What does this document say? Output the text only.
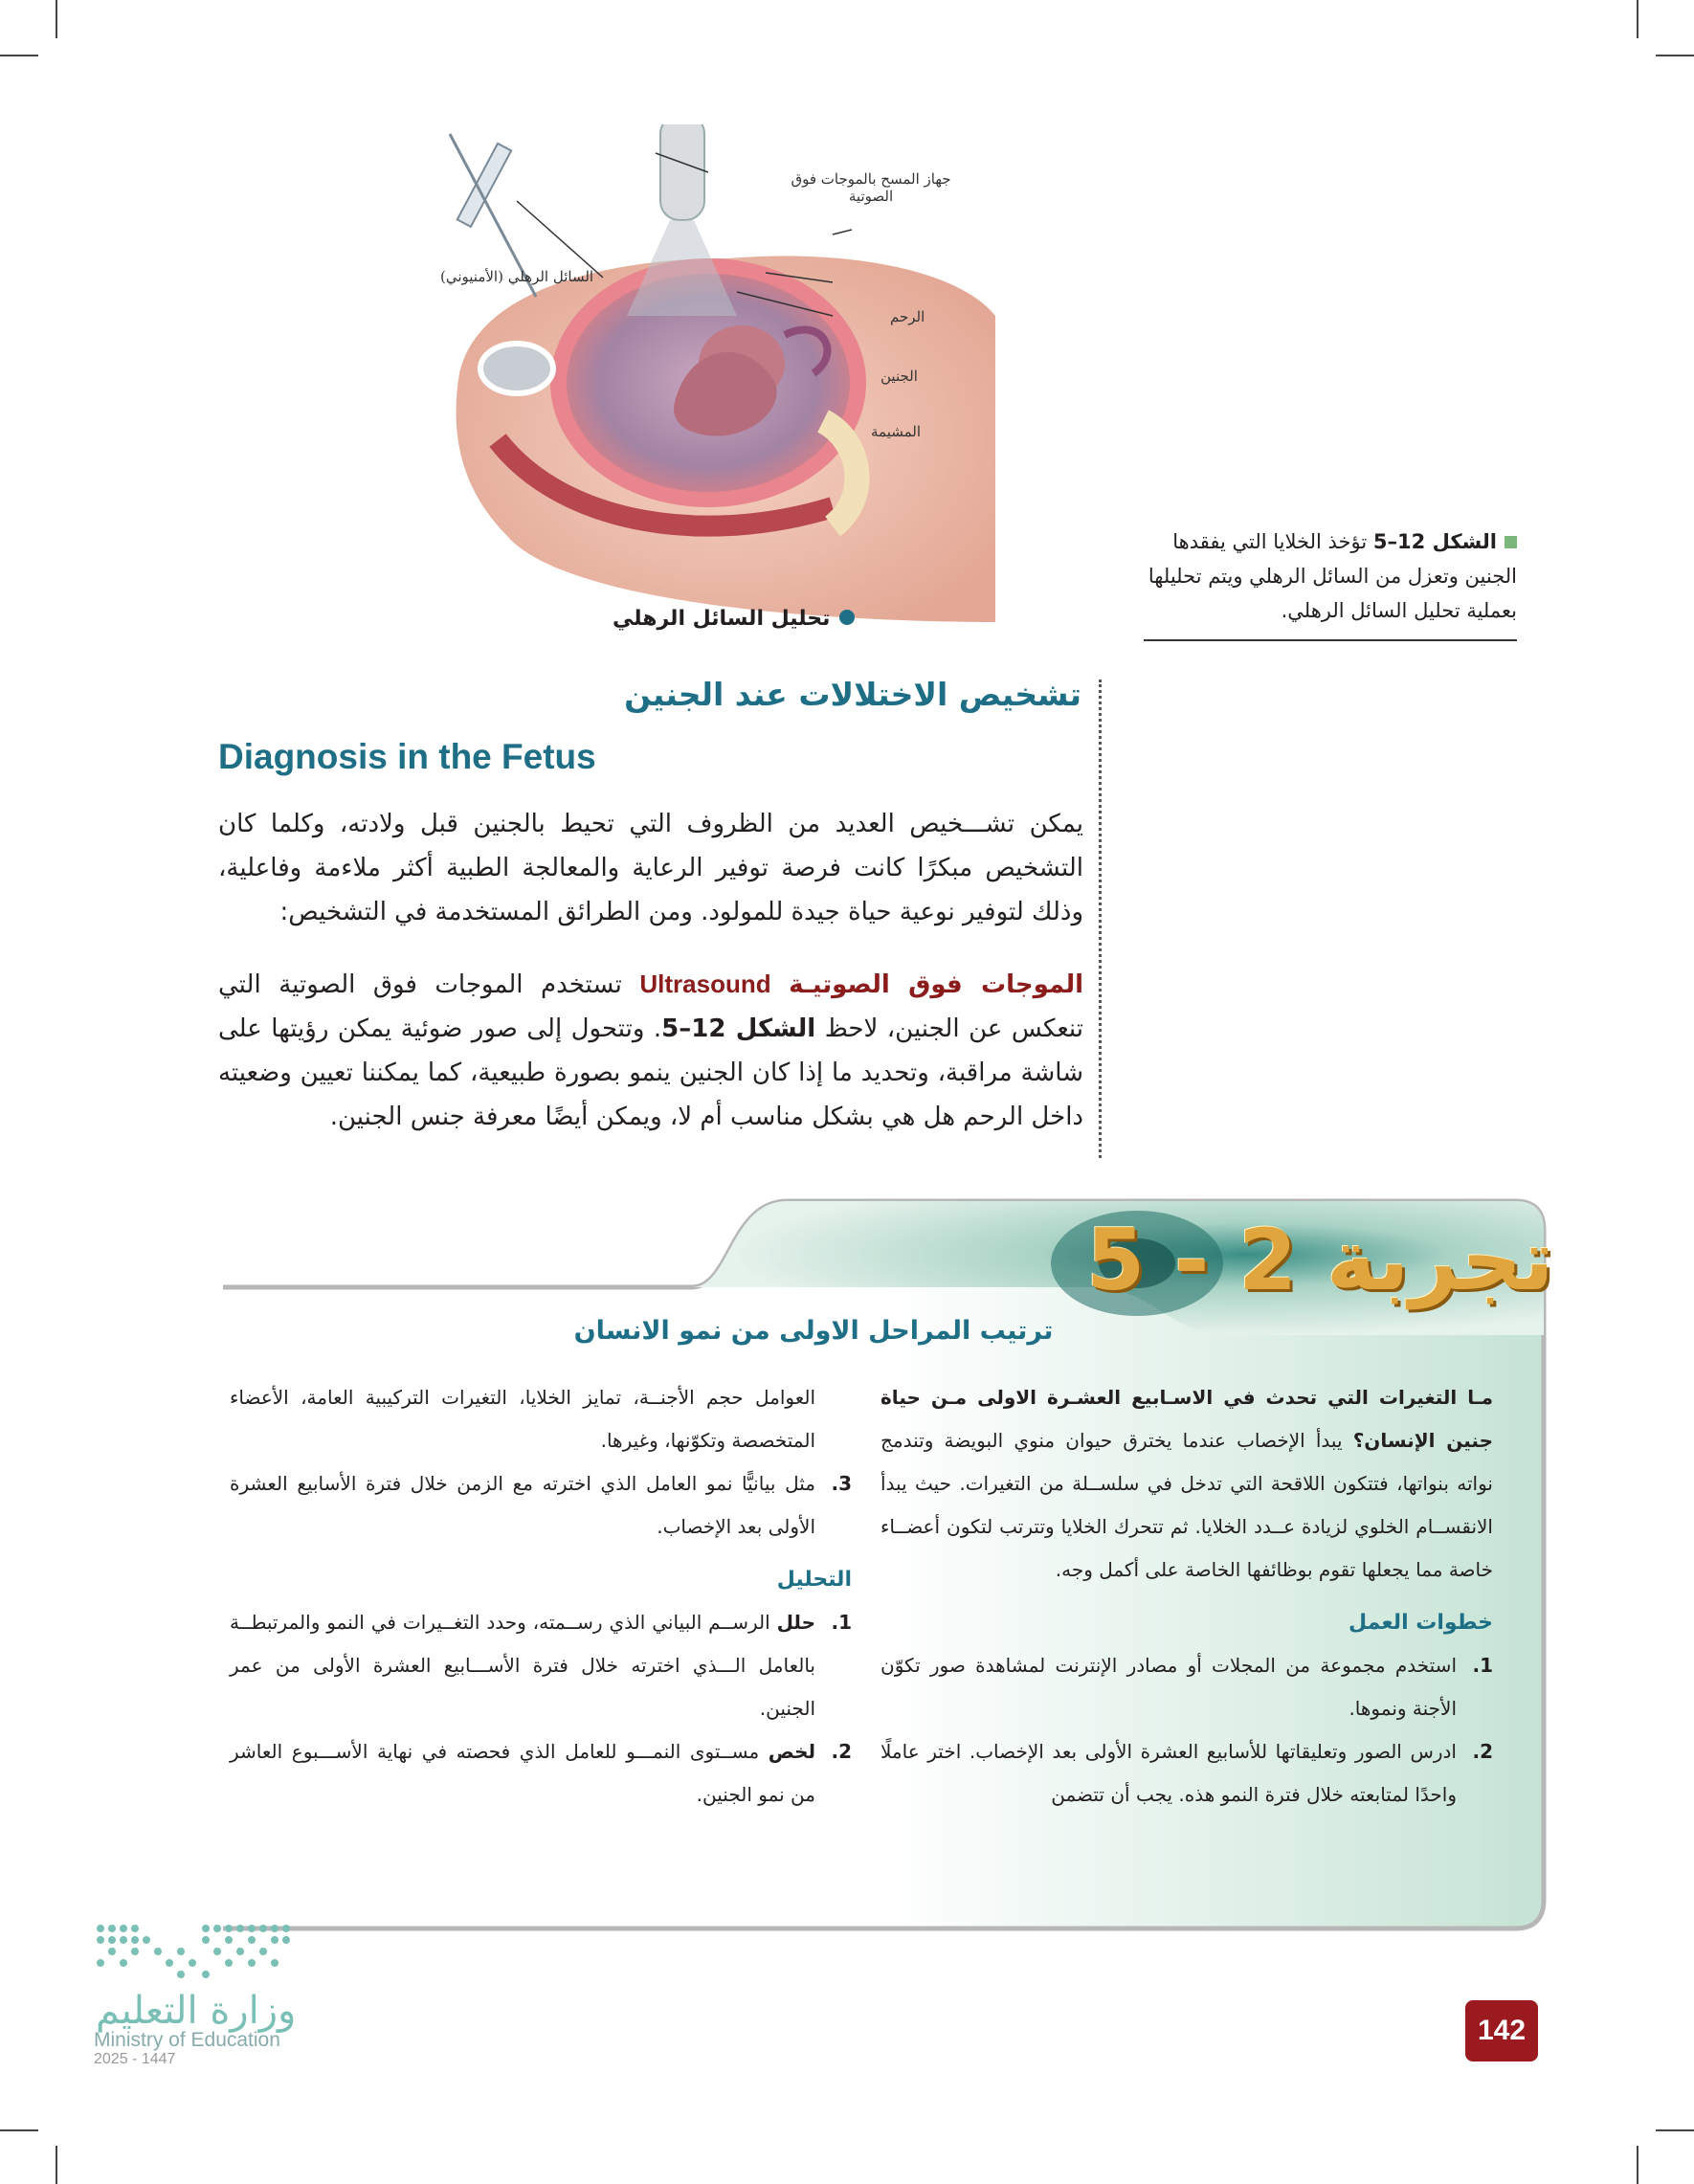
جهاز المسح بالموجات فوق الصوتية
السائل الرهلي (الأمنيوني)
الرحم
الجنين
المشيمة
تحليل السائل الرهلي
الشكل 12–5 تؤخذ الخلايا التي يفقدها الجنين وتعزل من السائل الرهلي ويتم تحليلها بعملية تحليل السائل الرهلي.
تشخيص الاختلالات عند الجنين
Diagnosis in the Fetus
يمكن تشـــخيص العديد من الظروف التي تحيط بالجنين قبل ولادته، وكلما كان التشخيص مبكرًا كانت فرصة توفير الرعاية والمعالجة الطبية أكثر ملاءمة وفاعلية، وذلك لتوفير نوعية حياة جيدة للمولود. ومن الطرائق المستخدمة في التشخيص:
الموجات فوق الصوتيـة Ultrasound تستخدم الموجات فوق الصوتية التي تنعكس عن الجنين، لاحظ الشكل 12–5. وتتحول إلى صور ضوئية يمكن رؤيتها على شاشة مراقبة، وتحديد ما إذا كان الجنين ينمو بصورة طبيعية، كما يمكننا تعيين وضعيته داخل الرحم هل هي بشكل مناسب أم لا، ويمكن أيضًا معرفة جنس الجنين.
تجربة 2 - 5
ترتيب المراحل الاولى من نمو الانسان
مـا التغيرات التي تحدث في الاسـابيع العشـرة الاولى مـن حياة جنين الإنسان؟ يبدأ الإخصاب عندما يخترق حيوان منوي البويضة وتندمج نواته بنواتها، فتتكون اللاقحة التي تدخل في سلســلة من التغيرات. حيث يبدأ الانقســام الخلوي لزيادة عــدد الخلايا. ثم تتحرك الخلايا وتترتب لتكون أعضــاء خاصة مما يجعلها تقوم بوظائفها الخاصة على أكمل وجه.
خطوات العمل
1.
استخدم مجموعة من المجلات أو مصادر الإنترنت لمشاهدة صور تكوّن الأجنة ونموها.
2.
ادرس الصور وتعليقاتها للأسابيع العشرة الأولى بعد الإخصاب. اختر عاملًا واحدًا لمتابعته خلال فترة النمو هذه. يجب أن تتضمن
العوامل حجم الأجنــة، تمايز الخلايا، التغيرات التركيبية العامة، الأعضاء المتخصصة وتكوّنها، وغيرها.
3.
مثل بيانيًّا نمو العامل الذي اخترته مع الزمن خلال فترة الأسابيع العشرة الأولى بعد الإخصاب.
التحليل
1.
حلل الرســم البياني الذي رســمته، وحدد التغــيرات في النمو والمرتبطــة بالعامل الـــذي اخترته خلال فترة الأســـابيع العشرة الأولى من عمر الجنين.
2.
لخص مســتوى النمـــو للعامل الذي فحصته في نهاية الأســـبوع العاشر من نمو الجنين.
142
وزارة التعليم
Ministry of Education
2025 - 1447
